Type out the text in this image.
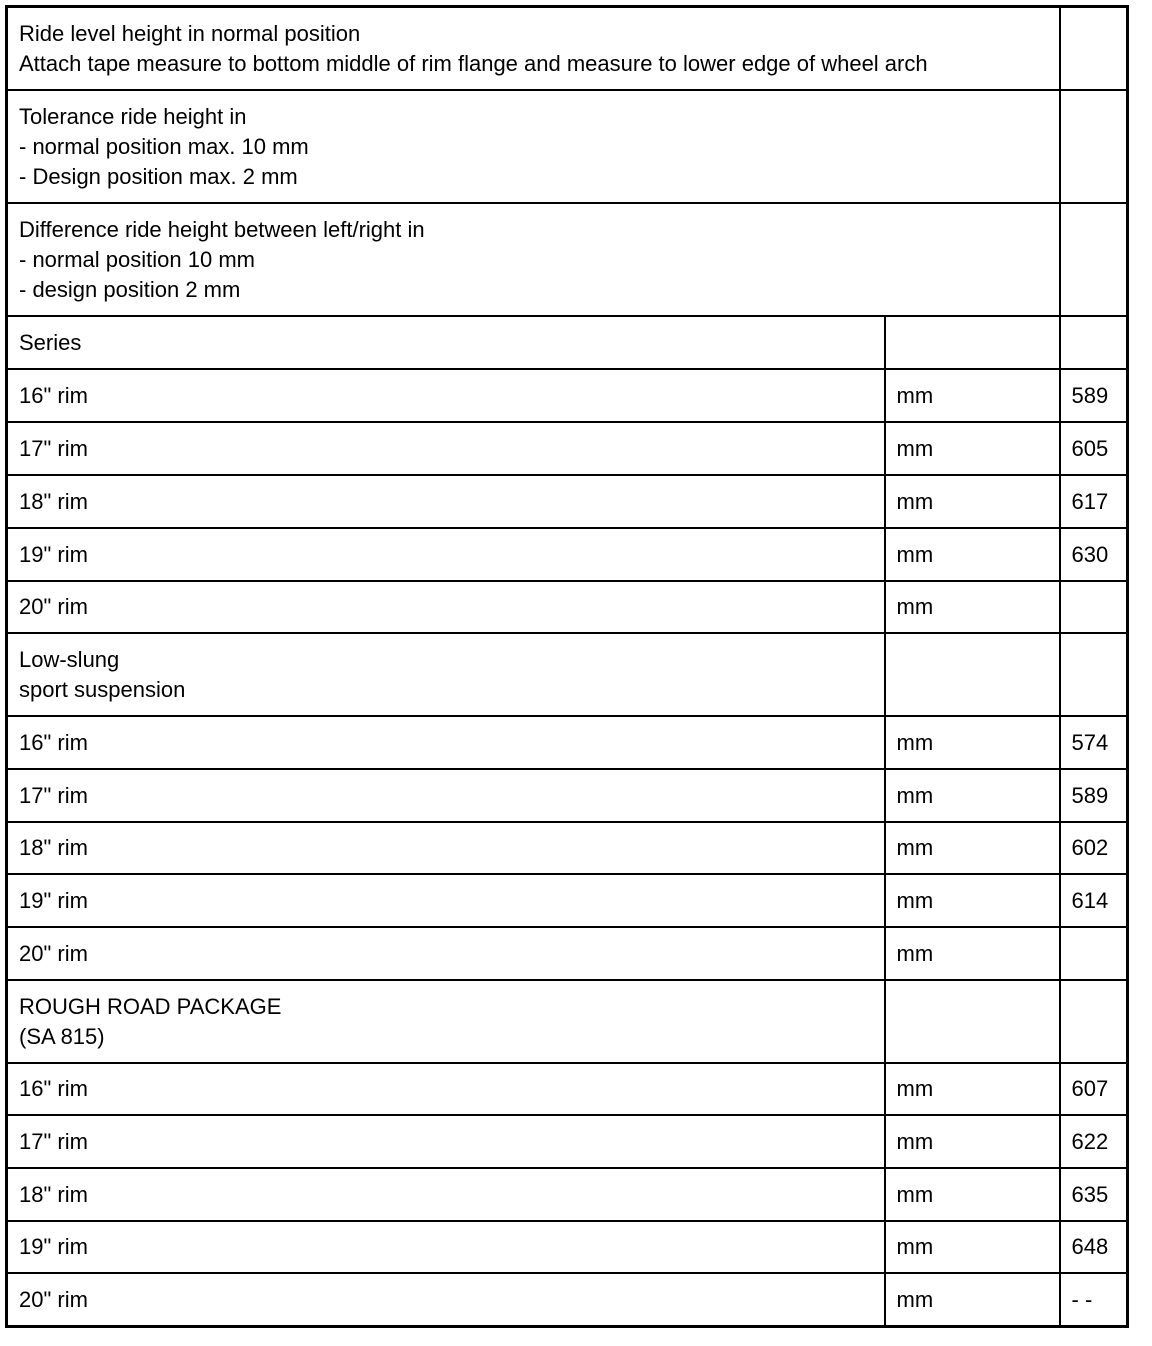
Ride level height in normal position
Attach tape measure to bottom middle of rim flange and measure to lower edge of wheel arch		
Tolerance ride height in
- normal position max. 10 mm
- Design position max. 2 mm		
Difference ride height between left/right in
- normal position 10 mm
- design position 2 mm		
Series		
16" rim	mm	589
17" rim	mm	605
18" rim	mm	617
19" rim	mm	630
20" rim	mm	
Low-slung
sport suspension		
16" rim	mm	574
17" rim	mm	589
18" rim	mm	602
19" rim	mm	614
20" rim	mm	
ROUGH ROAD PACKAGE
(SA 815)		
16" rim	mm	607
17" rim	mm	622
18" rim	mm	635
19" rim	mm	648
20" rim	mm	- -
